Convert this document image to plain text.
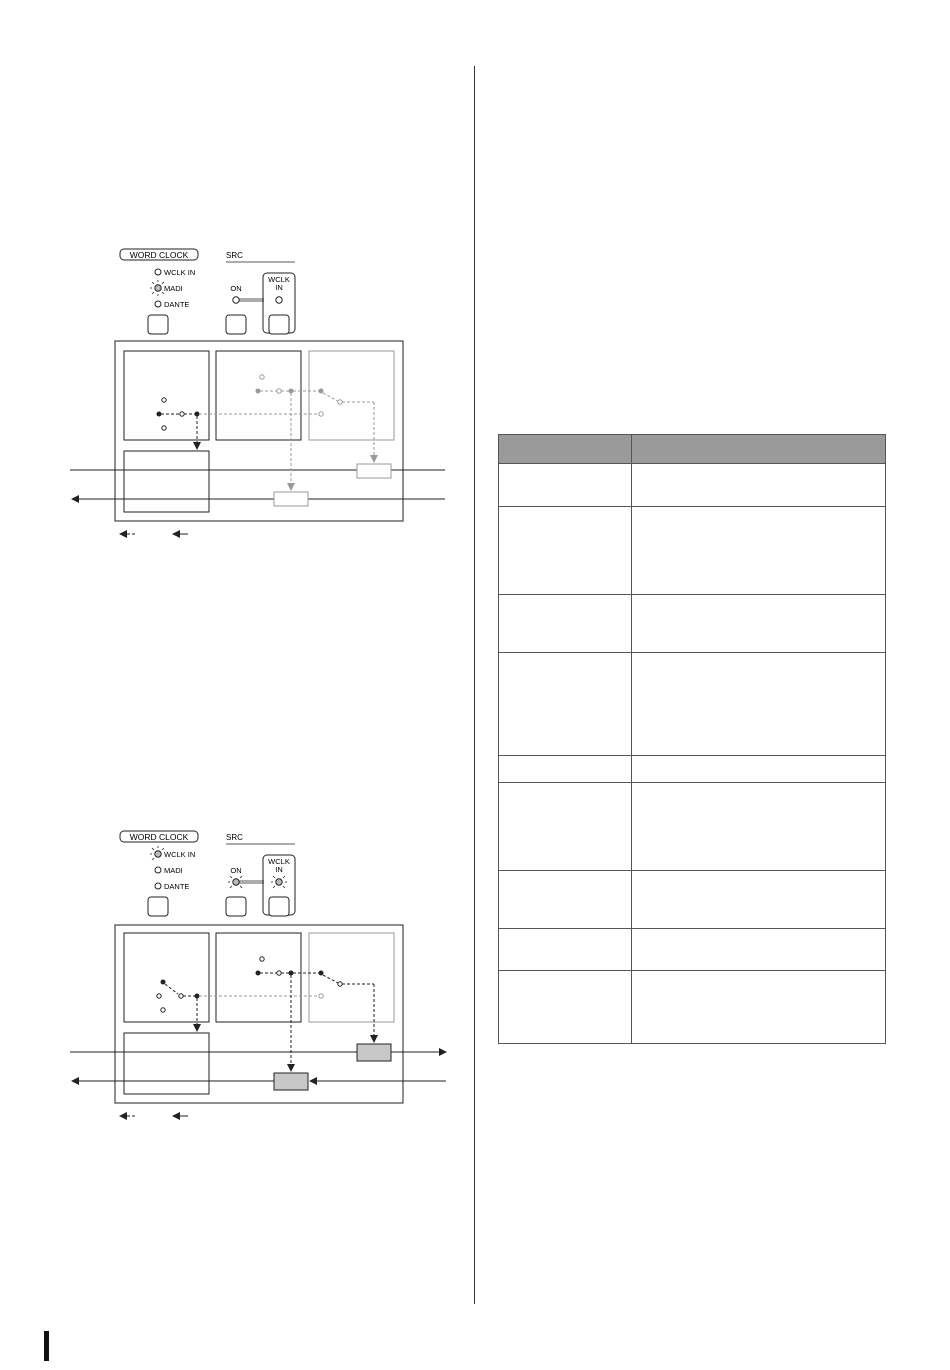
WORD CLOCK	SRC
WCLK IN
MADI
DANTE
ON
WCLK
IN
WORD CLOCK	SRC
WCLK IN
MADI
DANTE
ON
WCLK
IN
